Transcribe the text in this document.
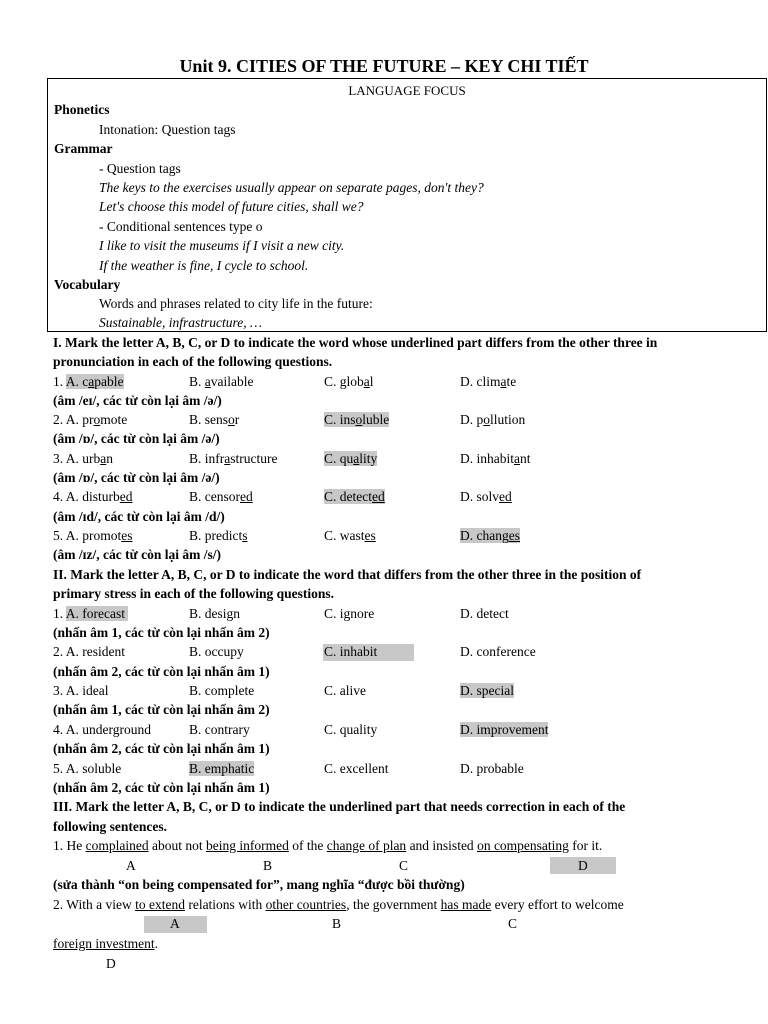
Unit 9. CITIES OF THE FUTURE – KEY CHI TIẾT
LANGUAGE FOCUS
Phonetics
Intonation: Question tags
Grammar
- Question tags
The keys to the exercises usually appear on separate pages, don't they?
Let's choose this model of future cities, shall we?
- Conditional sentences type o
I like to visit the museums if I visit a new city.
If the weather is fine, I cycle to school.
Vocabulary
Words and phrases related to city life in the future:
Sustainable, infrastructure, …
I. Mark the letter A, B, C, or D to indicate the word whose underlined part differs from the other three in
pronunciation in each of the following questions.
1. A. capable	B. available	C. global	D. climate
(âm /eɪ/, các từ còn lại âm /ə/)
2. A. promote	B. sensor	C. insoluble	D. pollution
(âm /ɒ/, các từ còn lại âm /ə/)
3. A. urban	B. infrastructure	C. quality	D. inhabitant
(âm /ɒ/, các từ còn lại âm /ə/)
4. A. disturbed	B. censored	C. detected	D. solved
(âm /ɪd/, các từ còn lại âm /d/)
5. A. promotes	B. predicts	C. wastes	D. changes
(âm /ɪz/, các từ còn lại âm /s/)
II. Mark the letter A, B, C, or D to indicate the word that differs from the other three in the position of
primary stress in each of the following questions.
1. A. forecast	B. design	C. ignore	D. detect
(nhấn âm 1, các từ còn lại nhấn âm 2)
2. A. resident	B. occupy	C. inhabit	D. conference
(nhấn âm 2, các từ còn lại nhấn âm 1)
3. A. ideal	B. complete	C. alive	D. special
(nhấn âm 1, các từ còn lại nhấn âm 2)
4. A. underground	B. contrary	C. quality	D. improvement
(nhấn âm 2, các từ còn lại nhấn âm 1)
5. A. soluble	B. emphatic	C. excellent	D. probable
(nhấn âm 2, các từ còn lại nhấn âm 1)
III. Mark the letter A, B, C, or D to indicate the underlined part that needs correction in each of the
following sentences.
1. He complained about not being informed of the change of plan and insisted on compensating for it.
A	B	C	D
(sửa thành “on being compensated for”, mang nghĩa “được bồi thường)
2. With a view to extend relations with other countries, the government has made every effort to welcome
A	B	C
foreign investment.
D
